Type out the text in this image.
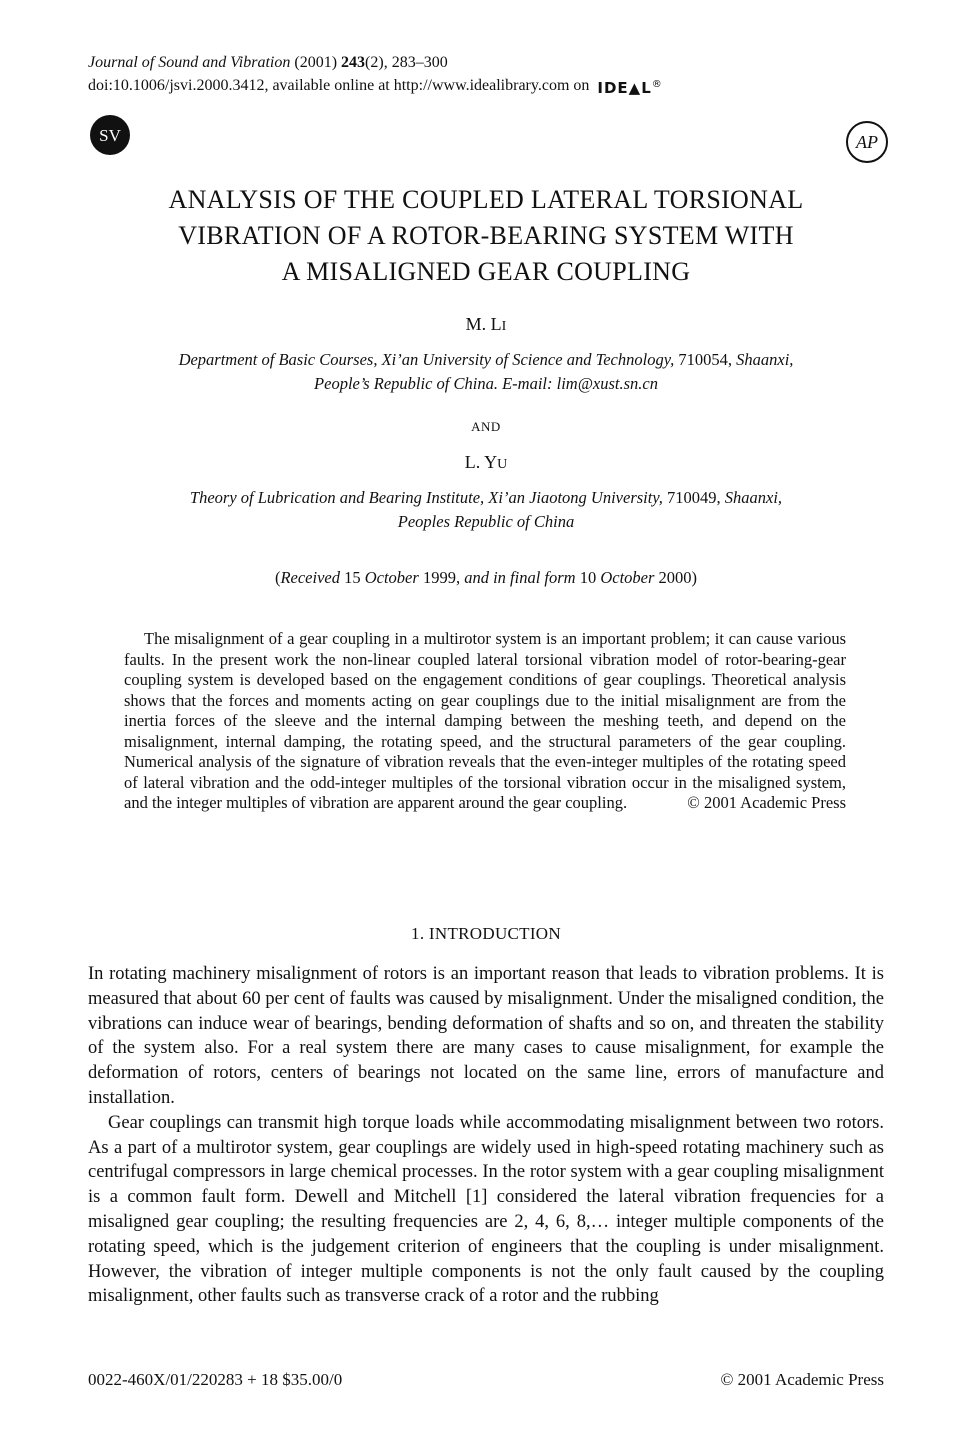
Journal of Sound and Vibration (2001) 243(2), 283–300
doi:10.1006/jsvi.2000.3412, available online at http://www.idealibrary.com on IDE▲L®
SV	AP
ANALYSIS OF THE COUPLED LATERAL TORSIONAL
VIBRATION OF A ROTOR-BEARING SYSTEM WITH
A MISALIGNED GEAR COUPLING
M. LI
Department of Basic Courses, Xi’an University of Science and Technology, 710054, Shaanxi,
People’s Republic of China. E-mail: lim@xust.sn.cn
AND
L. YU
Theory of Lubrication and Bearing Institute, Xi’an Jiaotong University, 710049, Shaanxi,
Peoples Republic of China
(Received 15 October 1999, and in final form 10 October 2000)
The misalignment of a gear coupling in a multirotor system is an important problem; it can cause various faults. In the present work the non-linear coupled lateral torsional vibration model of rotor-bearing-gear coupling system is developed based on the engagement conditions of gear couplings. Theoretical analysis shows that the forces and moments acting on gear couplings due to the initial misalignment are from the inertia forces of the sleeve and the internal damping between the meshing teeth, and depend on the misalignment, internal damping, the rotating speed, and the structural parameters of the gear coupling. Numerical analysis of the signature of vibration reveals that the even-integer multiples of the rotating speed of lateral vibration and the odd-integer multiples of the torsional vibration occur in the misaligned system, and the integer multiples of vibration are apparent around the gear coupling.	© 2001 Academic Press
1. INTRODUCTION

In rotating machinery misalignment of rotors is an important reason that leads to vibration problems. It is measured that about 60 per cent of faults was caused by misalignment. Under the misaligned condition, the vibrations can induce wear of bearings, bending deformation of shafts and so on, and threaten the stability of the system also. For a real system there are many cases to cause misalignment, for example the deformation of rotors, centers of bearings not located on the same line, errors of manufacture and installation.

Gear couplings can transmit high torque loads while accommodating misalignment between two rotors. As a part of a multirotor system, gear couplings are widely used in high-speed rotating machinery such as centrifugal compressors in large chemical processes. In the rotor system with a gear coupling misalignment is a common fault form. Dewell and Mitchell [1] considered the lateral vibration frequencies for a misaligned gear coupling; the resulting frequencies are 2, 4, 6, 8,… integer multiple components of the rotating speed, which is the judgement criterion of engineers that the coupling is under misalignment. However, the vibration of integer multiple components is not the only fault caused by the coupling misalignment, other faults such as transverse crack of a rotor and the rubbing

0022-460X/01/220283 + 18 $35.00/0	© 2001 Academic Press
